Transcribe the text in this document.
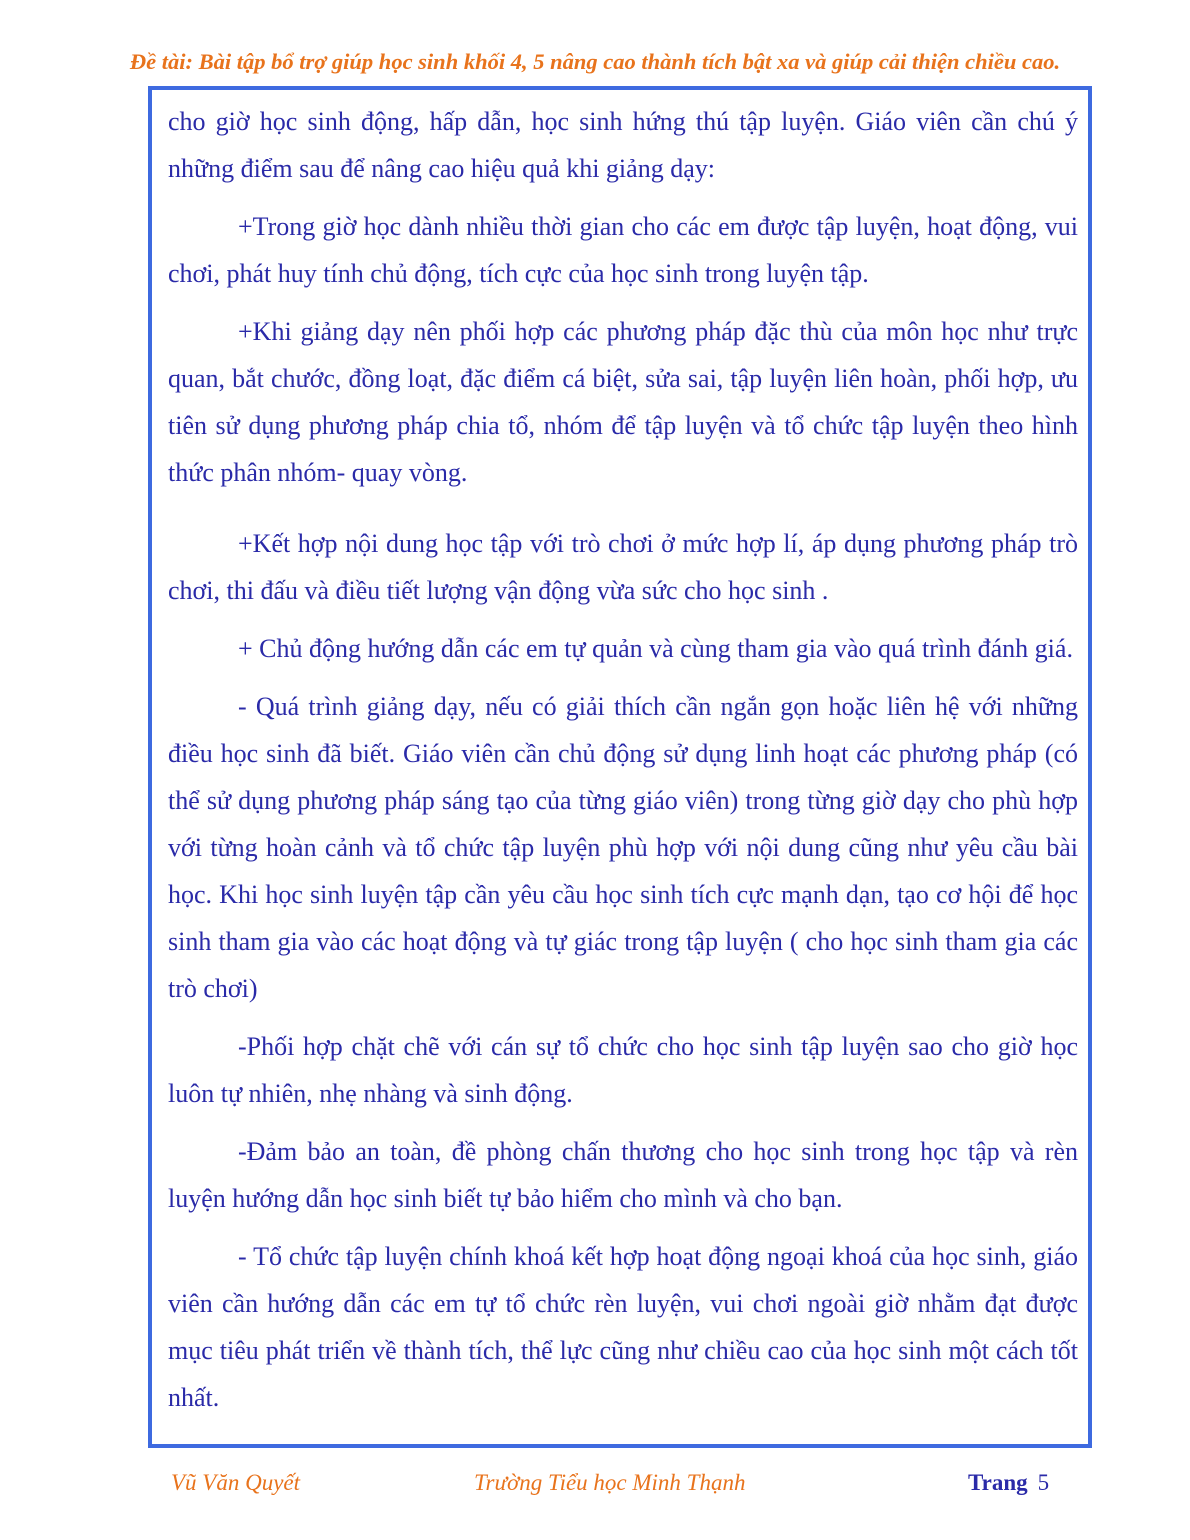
Đề tài: Bài tập bổ trợ giúp học sinh khối 4, 5 nâng cao thành tích bật xa và giúp cải thiện chiều cao.

cho giờ học sinh động, hấp dẫn, học sinh hứng thú tập luyện. Giáo viên cần chú ý những điểm sau để nâng cao hiệu quả khi giảng dạy:

+Trong giờ học dành nhiều thời gian cho các em được tập luyện, hoạt động, vui chơi, phát huy tính chủ động, tích cực của học sinh trong luyện tập.

+Khi giảng dạy nên phối hợp các phương pháp đặc thù của môn học như trực quan, bắt chước, đồng loạt, đặc điểm cá biệt, sửa sai, tập luyện liên hoàn, phối hợp, ưu tiên sử dụng phương pháp chia tổ, nhóm để tập luyện và tổ chức tập luyện theo hình thức phân nhóm- quay vòng.

+Kết hợp nội dung học tập với trò chơi ở mức hợp lí, áp dụng phương pháp trò chơi, thi đấu và điều tiết lượng vận động vừa sức cho học sinh .

+ Chủ động hướng dẫn các em tự quản và cùng tham gia vào quá trình đánh giá.

- Quá trình giảng dạy, nếu có giải thích cần ngắn gọn hoặc liên hệ với những điều học sinh đã biết. Giáo viên cần chủ động sử dụng linh hoạt các phương pháp (có thể sử dụng phương pháp sáng tạo của từng giáo viên) trong từng giờ dạy cho phù hợp với từng hoàn cảnh và tổ chức tập luyện phù hợp với nội dung cũng như yêu cầu bài học. Khi học sinh luyện tập cần yêu cầu học sinh tích cực mạnh dạn, tạo cơ hội để học sinh tham gia vào các hoạt động và tự giác trong tập luyện ( cho học sinh tham gia các trò chơi)

-Phối hợp chặt chẽ với cán sự tổ chức cho học sinh tập luyện sao cho giờ học luôn tự nhiên, nhẹ nhàng và sinh động.

-Đảm bảo an toàn, đề phòng chấn thương cho học sinh trong học tập và rèn luyện hướng dẫn học sinh biết tự bảo hiểm cho mình và cho bạn.

- Tổ chức tập luyện chính khoá kết hợp hoạt động ngoại khoá của học sinh, giáo viên cần hướng dẫn các em tự tổ chức rèn luyện, vui chơi ngoài giờ nhằm đạt được mục tiêu phát triển về thành tích, thể lực cũng như chiều cao của học sinh một cách tốt nhất.

Vũ Văn Quyết	Trường Tiểu học Minh Thạnh	Trang 5
